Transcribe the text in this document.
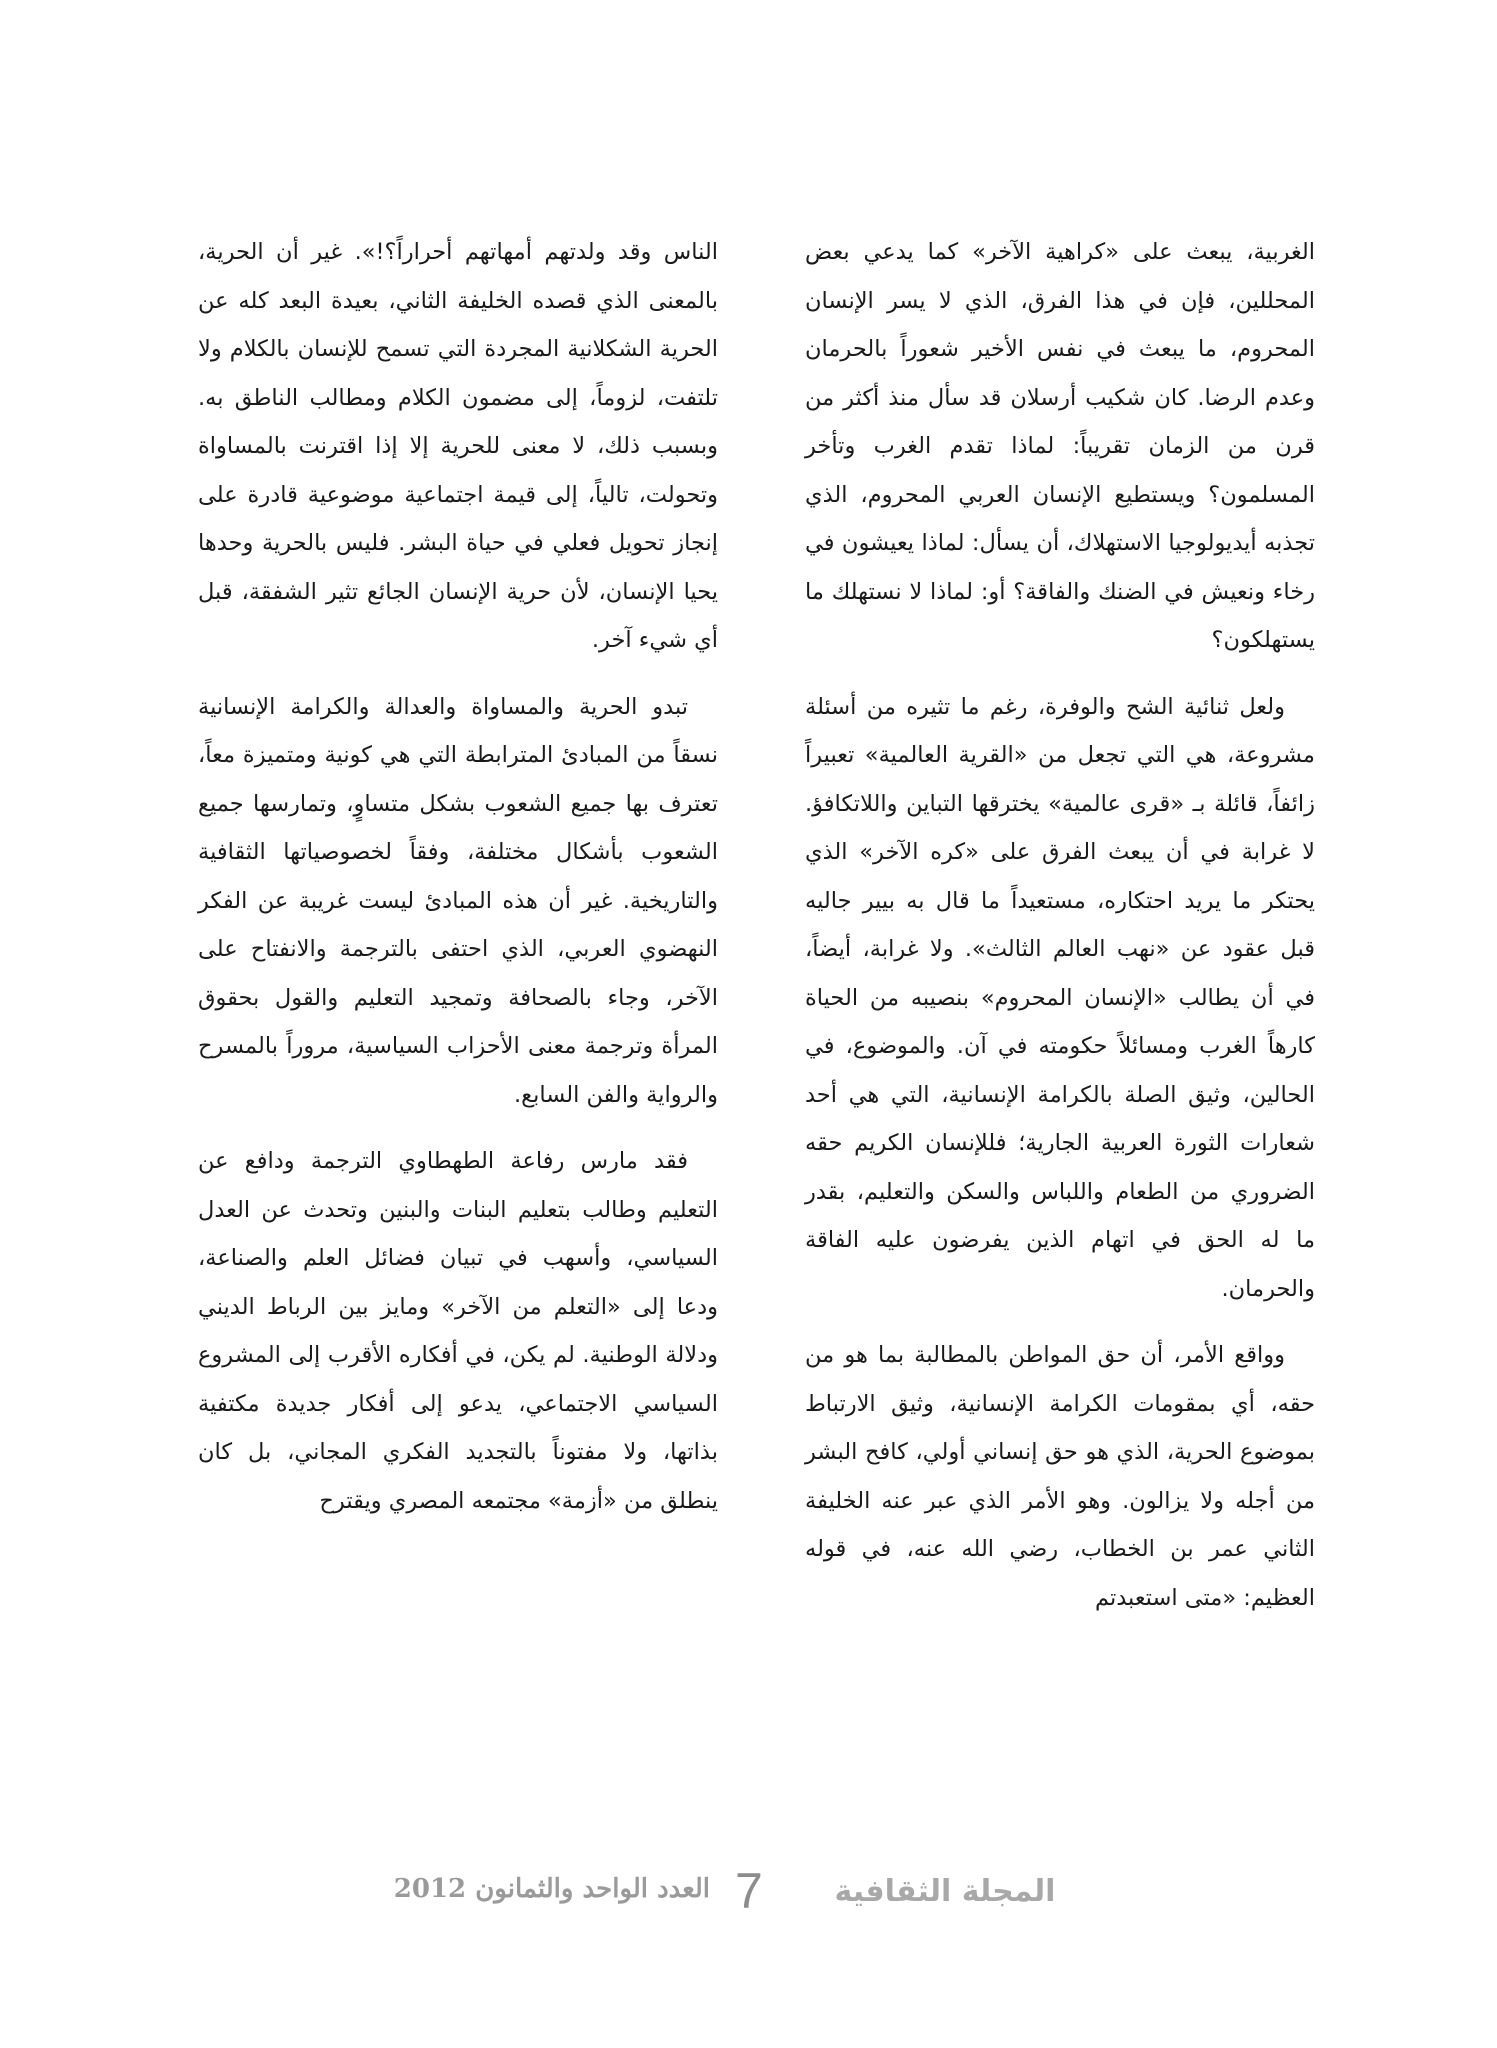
الغربية، يبعث على «كراهية الآخر» كما يدعي بعض المحللين، فإن في هذا الفرق، الذي لا يسر الإنسان المحروم، ما يبعث في نفس الأخير شعوراً بالحرمان وعدم الرضا. كان شكيب أرسلان قد سأل منذ أكثر من قرن من الزمان تقريباً: لماذا تقدم الغرب وتأخر المسلمون؟ ويستطيع الإنسان العربي المحروم، الذي تجذبه أيديولوجيا الاستهلاك، أن يسأل: لماذا يعيشون في رخاء ونعيش في الضنك والفاقة؟ أو: لماذا لا نستهلك ما يستهلكون؟

ولعل ثنائية الشح والوفرة، رغم ما تثيره من أسئلة مشروعة، هي التي تجعل من «القرية العالمية» تعبيراً زائفاً، قائلة بـ «قرى عالمية» يخترقها التباين واللاتكافؤ. لا غرابة في أن يبعث الفرق على «كره الآخر» الذي يحتكر ما يريد احتكاره، مستعيداً ما قال به بيير جاليه قبل عقود عن «نهب العالم الثالث». ولا غرابة، أيضاً، في أن يطالب «الإنسان المحروم» بنصيبه من الحياة كارهاً الغرب ومسائلاً حكومته في آن. والموضوع، في الحالين، وثيق الصلة بالكرامة الإنسانية، التي هي أحد شعارات الثورة العربية الجارية؛ فللإنسان الكريم حقه الضروري من الطعام واللباس والسكن والتعليم، بقدر ما له الحق في اتهام الذين يفرضون عليه الفاقة والحرمان.

وواقع الأمر، أن حق المواطن بالمطالبة بما هو من حقه، أي بمقومات الكرامة الإنسانية، وثيق الارتباط بموضوع الحرية، الذي هو حق إنساني أولي، كافح البشر من أجله ولا يزالون. وهو الأمر الذي عبر عنه الخليفة الثاني عمر بن الخطاب، رضي الله عنه، في قوله العظيم: «متى استعبدتم

الناس وقد ولدتهم أمهاتهم أحراراً؟!». غير أن الحرية، بالمعنى الذي قصده الخليفة الثاني، بعيدة البعد كله عن الحرية الشكلانية المجردة التي تسمح للإنسان بالكلام ولا تلتفت، لزوماً، إلى مضمون الكلام ومطالب الناطق به. وبسبب ذلك، لا معنى للحرية إلا إذا اقترنت بالمساواة وتحولت، تالياً، إلى قيمة اجتماعية موضوعية قادرة على إنجاز تحويل فعلي في حياة البشر. فليس بالحرية وحدها يحيا الإنسان، لأن حرية الإنسان الجائع تثير الشفقة، قبل أي شيء آخر.

تبدو الحرية والمساواة والعدالة والكرامة الإنسانية نسقاً من المبادئ المترابطة التي هي كونية ومتميزة معاً، تعترف بها جميع الشعوب بشكل متساوٍ، وتمارسها جميع الشعوب بأشكال مختلفة، وفقاً لخصوصياتها الثقافية والتاريخية. غير أن هذه المبادئ ليست غريبة عن الفكر النهضوي العربي، الذي احتفى بالترجمة والانفتاح على الآخر، وجاء بالصحافة وتمجيد التعليم والقول بحقوق المرأة وترجمة معنى الأحزاب السياسية، مروراً بالمسرح والرواية والفن السابع.

فقد مارس رفاعة الطهطاوي الترجمة ودافع عن التعليم وطالب بتعليم البنات والبنين وتحدث عن العدل السياسي، وأسهب في تبيان فضائل العلم والصناعة، ودعا إلى «التعلم من الآخر» ومايز بين الرباط الديني ودلالة الوطنية. لم يكن، في أفكاره الأقرب إلى المشروع السياسي الاجتماعي، يدعو إلى أفكار جديدة مكتفية بذاتها، ولا مفتوناً بالتجديد الفكري المجاني، بل كان ينطلق من «أزمة» مجتمعه المصري ويقترح

العدد الواحد والثمانون 2012 7	المجلة الثقافية
